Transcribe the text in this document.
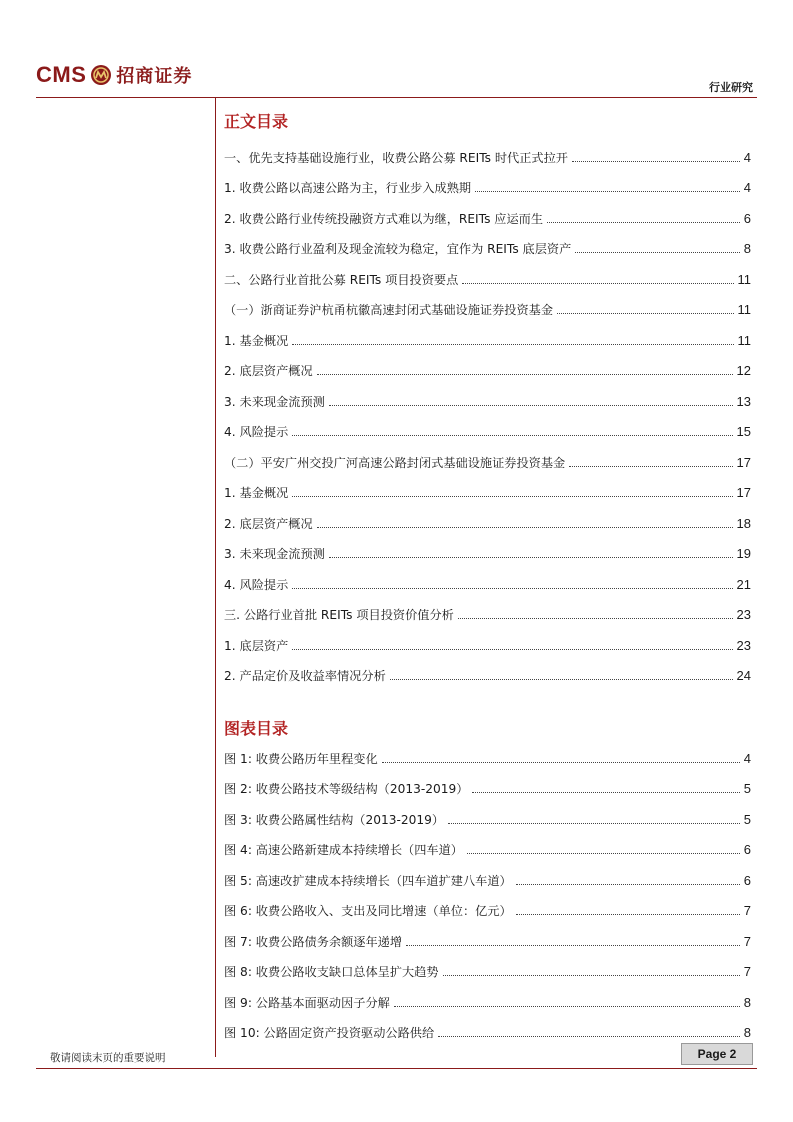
CMS 招商证券
行业研究
正文目录
一、优先支持基础设施行业，收费公路公募 REITs 时代正式拉开	4
1. 收费公路以高速公路为主，行业步入成熟期	4
2. 收费公路行业传统投融资方式难以为继，REITs 应运而生	6
3. 收费公路行业盈利及现金流较为稳定，宜作为 REITs 底层资产	8
二、公路行业首批公募 REITs 项目投资要点	11
（一）浙商证券沪杭甬杭徽高速封闭式基础设施证券投资基金	11
1. 基金概况	11
2. 底层资产概况	12
3. 未来现金流预测	13
4. 风险提示	15
（二）平安广州交投广河高速公路封闭式基础设施证券投资基金	17
1. 基金概况	17
2. 底层资产概况	18
3. 未来现金流预测	19
4. 风险提示	21
三. 公路行业首批 REITs 项目投资价值分析	23
1. 底层资产	23
2. 产品定价及收益率情况分析	24
图表目录
图 1: 收费公路历年里程变化	4
图 2: 收费公路技术等级结构（2013-2019）	5
图 3: 收费公路属性结构（2013-2019）	5
图 4: 高速公路新建成本持续增长（四车道）	6
图 5: 高速改扩建成本持续增长（四车道扩建八车道）	6
图 6: 收费公路收入、支出及同比增速（单位：亿元）	7
图 7: 收费公路债务余额逐年递增	7
图 8: 收费公路收支缺口总体呈扩大趋势	7
图 9: 公路基本面驱动因子分解	8
图 10: 公路固定资产投资驱动公路供给	8
敬请阅读末页的重要说明	Page 2
